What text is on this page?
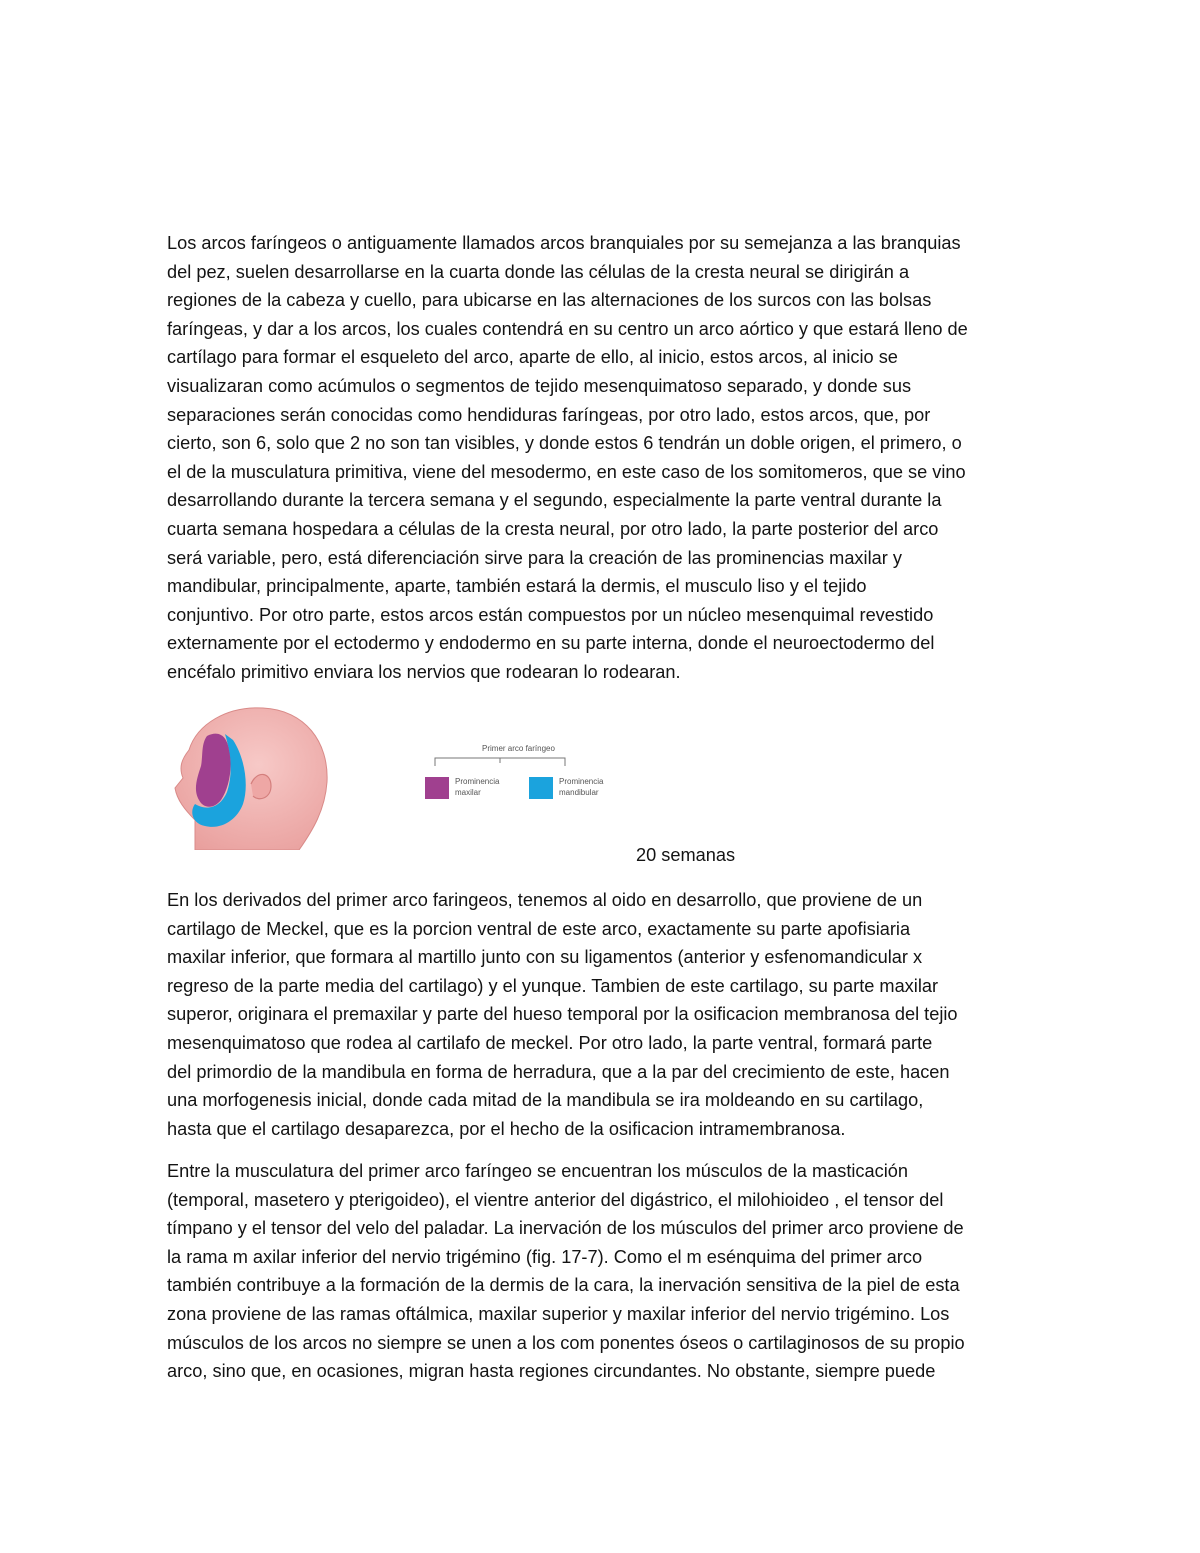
Los arcos faríngeos o antiguamente llamados arcos branquiales por su semejanza a las branquias
del pez, suelen desarrollarse en la cuarta donde las células de la cresta neural se dirigirán a
regiones de la cabeza y cuello, para ubicarse en las alternaciones de los surcos con las bolsas
faríngeas, y dar a los arcos, los cuales contendrá en su centro un arco aórtico y que estará lleno de
cartílago para formar el esqueleto del arco, aparte de ello, al inicio, estos arcos, al inicio se
visualizaran como acúmulos o segmentos de tejido mesenquimatoso separado, y donde sus
separaciones serán conocidas como hendiduras faríngeas, por otro lado, estos arcos, que, por
cierto, son 6, solo que 2 no son tan visibles, y donde estos 6 tendrán un doble origen, el primero, o
el de la musculatura primitiva, viene del mesodermo, en este caso de los somitomeros, que se vino
desarrollando durante la tercera semana y el segundo, especialmente la parte ventral durante la
cuarta semana hospedara a células de la cresta neural, por otro lado, la parte posterior del arco
será variable, pero, está diferenciación sirve para la creación de las prominencias maxilar y
mandibular, principalmente, aparte, también estará la dermis, el musculo liso y el tejido
conjuntivo. Por otro parte, estos arcos están compuestos por un núcleo mesenquimal revestido
externamente por el ectodermo y endodermo en su parte interna, donde el neuroectodermo del
encéfalo primitivo enviara los nervios que rodearan lo rodearan.
Primer arco faríngeo
Prominencia
maxilar
Prominencia
mandibular
20 semanas
En los derivados del primer arco faringeos, tenemos al oido en desarrollo, que proviene de un
cartilago de Meckel, que es la porcion ventral de este arco, exactamente su parte apofisiaria
maxilar inferior, que formara al martillo junto con su ligamentos (anterior y esfenomandicular x
regreso de la parte media del cartilago) y el yunque. Tambien de este cartilago, su parte maxilar
superor, originara el premaxilar y parte del hueso temporal por la osificacion membranosa del tejio
mesenquimatoso que rodea al cartilafo de meckel. Por otro lado, la parte ventral, formará parte
del primordio de la mandibula en forma de herradura, que a la par del crecimiento de este, hacen
una morfogenesis inicial, donde cada mitad de la mandibula se ira moldeando en su cartilago,
hasta que el cartilago desaparezca, por el hecho de la osificacion intramembranosa.
Entre la musculatura del primer arco faríngeo se encuentran los músculos de la masticación
(temporal, masetero y pterigoideo), el vientre anterior del digástrico, el milohioideo , el tensor del
tímpano y el tensor del velo del paladar. La inervación de los músculos del primer arco proviene de
la rama m axilar inferior del nervio trigémino (fig. 17-7). Como el m esénquima del primer arco
también contribuye a la formación de la dermis de la cara, la inervación sensitiva de la piel de esta
zona proviene de las ramas oftálmica, maxilar superior y maxilar inferior del nervio trigémino. Los
músculos de los arcos no siempre se unen a los com ponentes óseos o cartilaginosos de su propio
arco, sino que, en ocasiones, migran hasta regiones circundantes. No obstante, siempre puede
